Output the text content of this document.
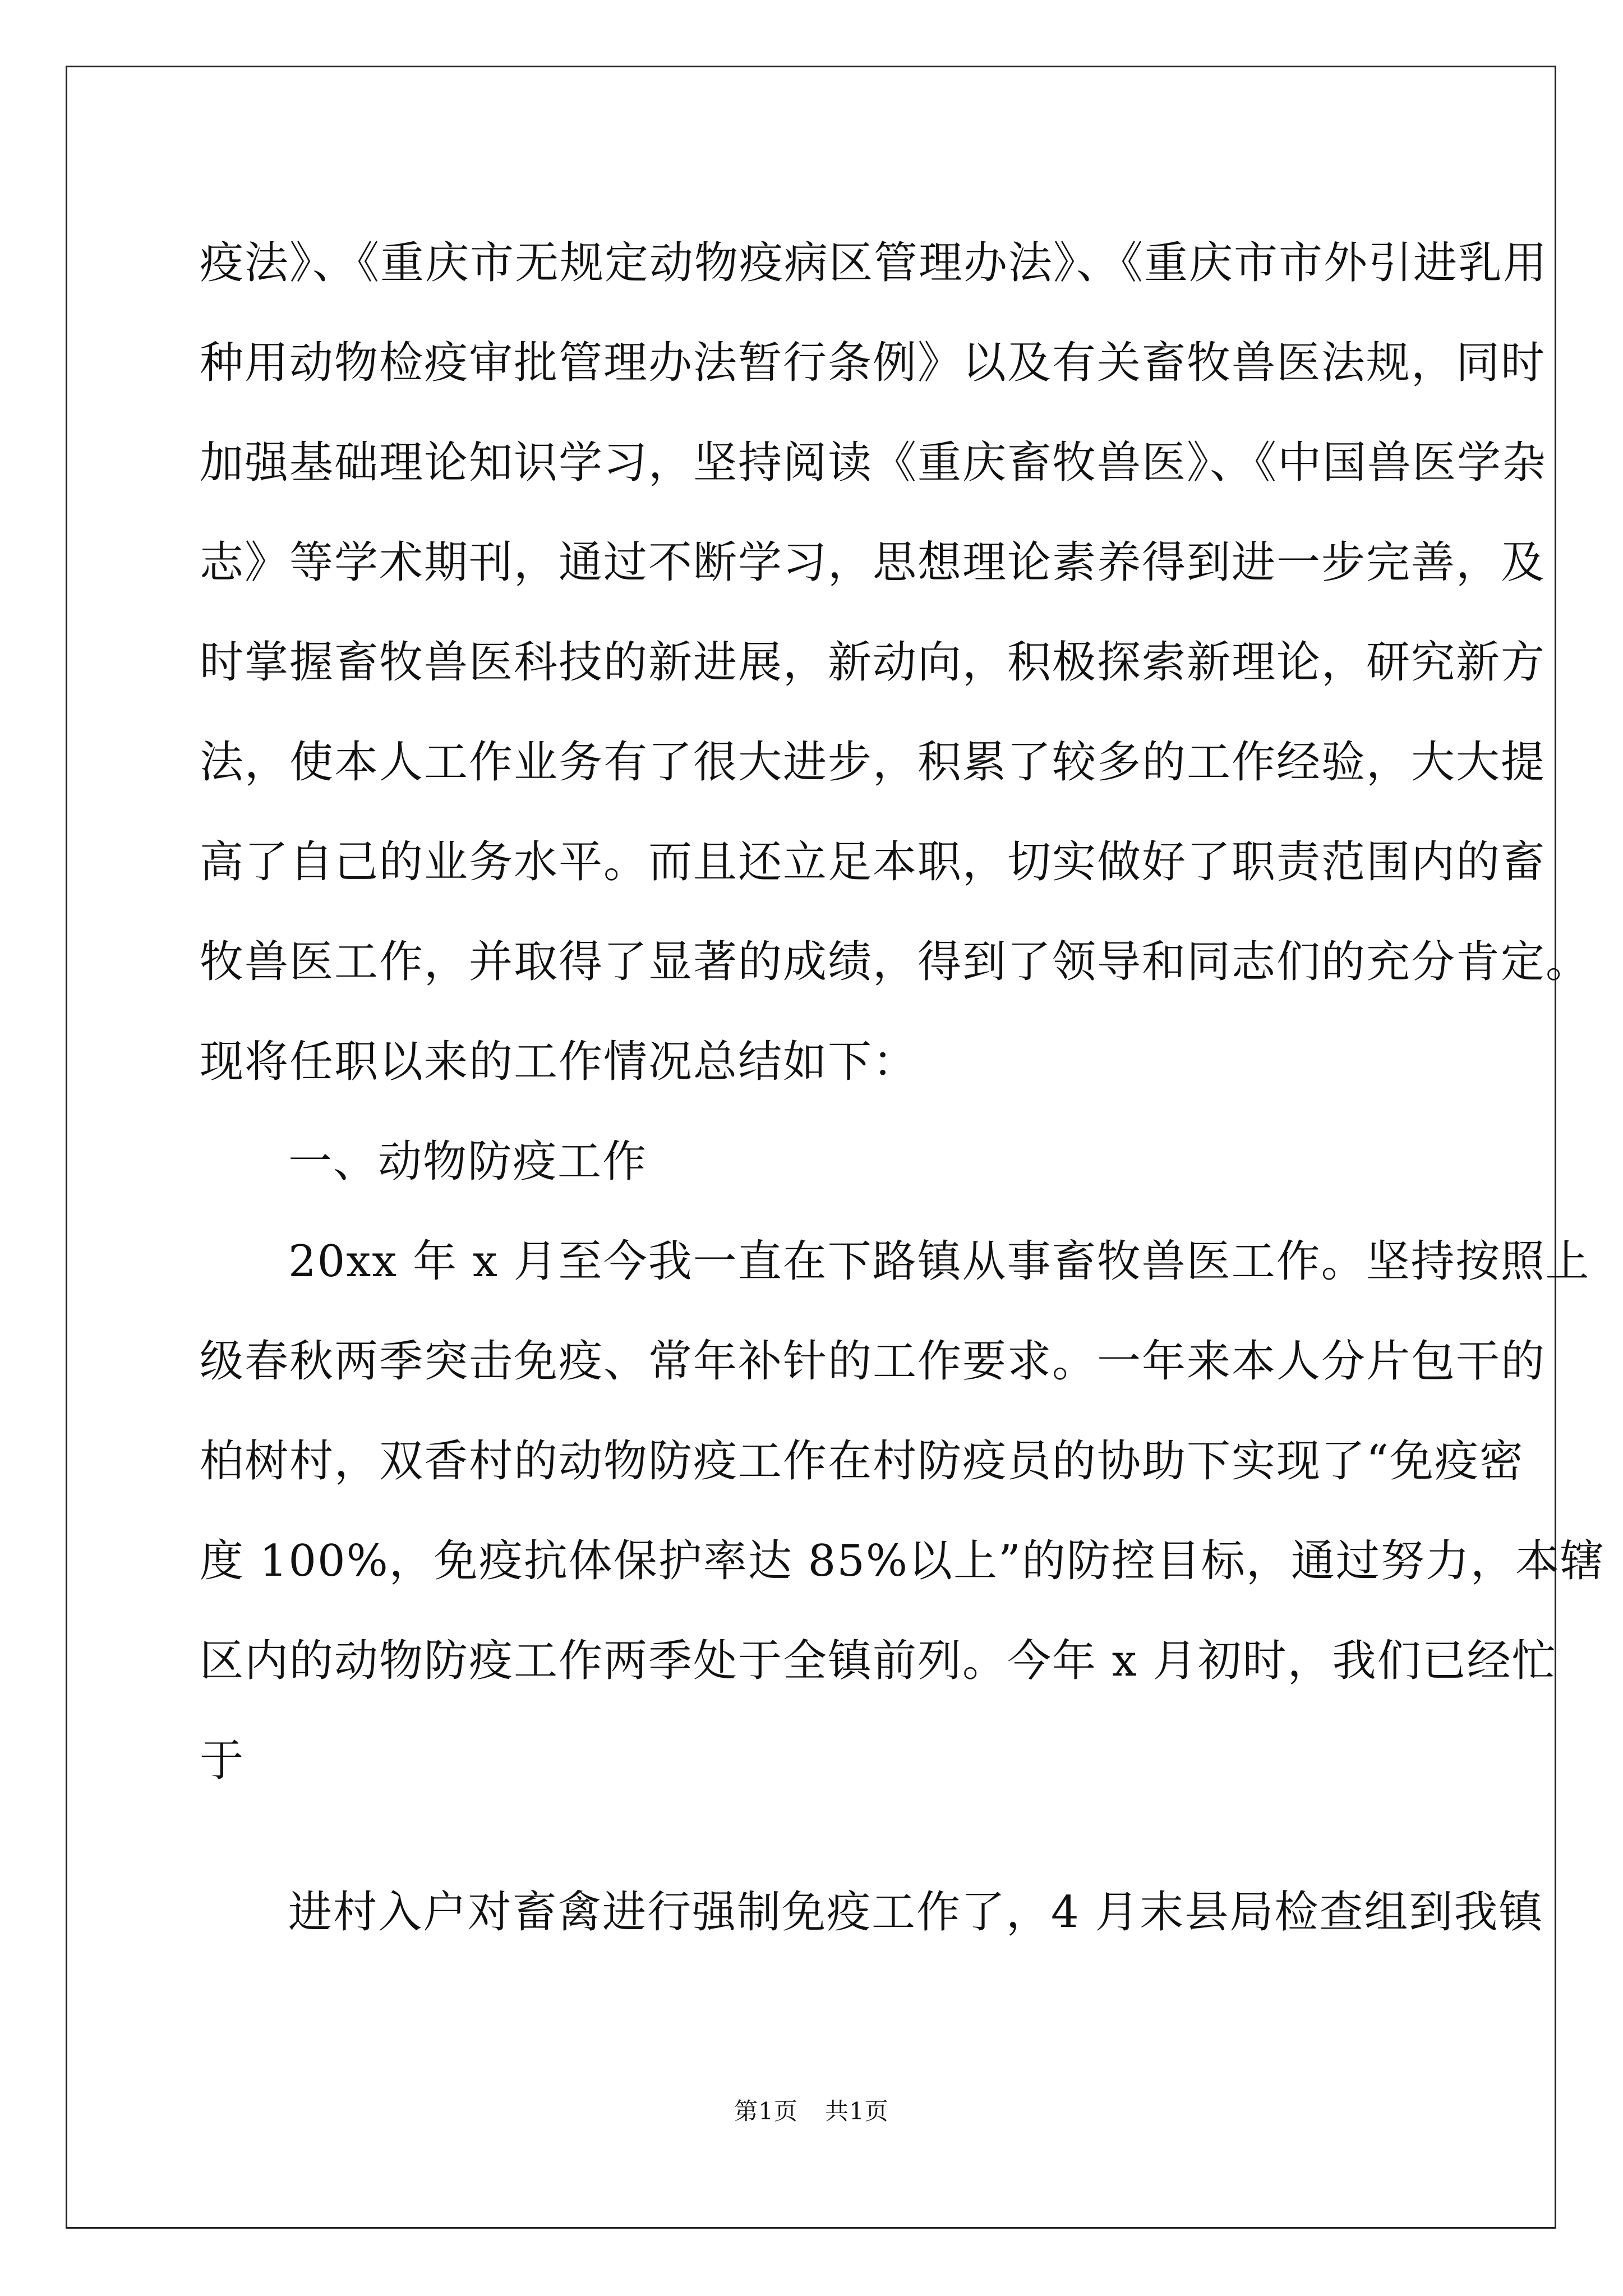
疫法》、《重庆市无规定动物疫病区管理办法》、《重庆市市外引进乳用
种用动物检疫审批管理办法暂行条例》以及有关畜牧兽医法规，同时
加强基础理论知识学习，坚持阅读《重庆畜牧兽医》、《中国兽医学杂
志》等学术期刊，通过不断学习，思想理论素养得到进一步完善，及
时掌握畜牧兽医科技的新进展，新动向，积极探索新理论，研究新方
法，使本人工作业务有了很大进步，积累了较多的工作经验，大大提
高了自己的业务水平。而且还立足本职，切实做好了职责范围内的畜
牧兽医工作，并取得了显著的成绩，得到了领导和同志们的充分肯定。
现将任职以来的工作情况总结如下：
一、动物防疫工作
20xx 年 x 月至今我一直在下路镇从事畜牧兽医工作。坚持按照上
级春秋两季突击免疫、常年补针的工作要求。一年来本人分片包干的
柏树村，双香村的动物防疫工作在村防疫员的协助下实现了“免疫密
度 100%，免疫抗体保护率达 85%以上”的防控目标，通过努力，本辖
区内的动物防疫工作两季处于全镇前列。今年 x 月初时，我们已经忙
于
进村入户对畜禽进行强制免疫工作了，4 月末县局检查组到我镇
第1页 共1页
